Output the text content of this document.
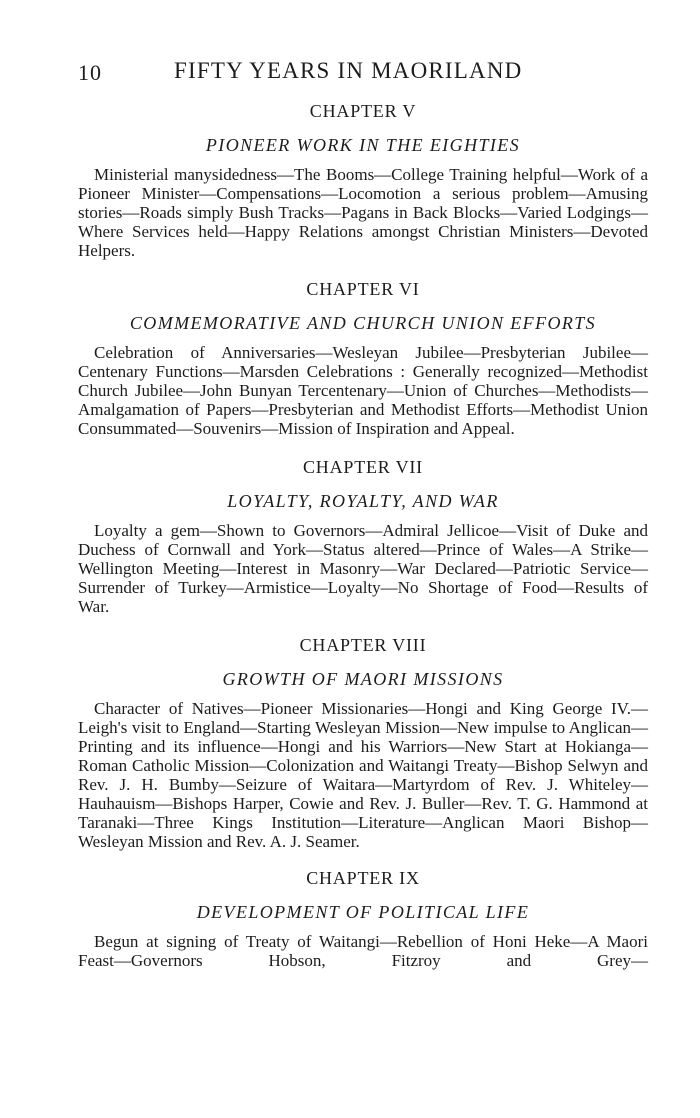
10	FIFTY YEARS IN MAORILAND
CHAPTER V
PIONEER WORK IN THE EIGHTIES

Ministerial manysidedness—The Booms—College Training helpful—Work of a Pioneer Minister—Compensations—Locomotion a serious problem—Amusing stories—Roads simply Bush Tracks—Pagans in Back Blocks—Varied Lodgings—Where Services held—Happy Relations amongst Christian Ministers—Devoted Helpers.

CHAPTER VI
COMMEMORATIVE AND CHURCH UNION EFFORTS

Celebration of Anniversaries—Wesleyan Jubilee—Presbyterian Jubilee—Centenary Functions—Marsden Celebrations : Generally recognized—Methodist Church Jubilee—John Bunyan Tercentenary—Union of Churches—Methodists—Amalgamation of Papers—Presbyterian and Methodist Efforts—Methodist Union Consummated—Souvenirs—Mission of Inspiration and Appeal.

CHAPTER VII
LOYALTY, ROYALTY, AND WAR

Loyalty a gem—Shown to Governors—Admiral Jellicoe—Visit of Duke and Duchess of Cornwall and York—Status altered—Prince of Wales—A Strike—Wellington Meeting—Interest in Masonry—War Declared—Patriotic Service—Surrender of Turkey—Armistice—Loyalty—No Shortage of Food—Results of War.

CHAPTER VIII
GROWTH OF MAORI MISSIONS

Character of Natives—Pioneer Missionaries—Hongi and King George IV.—Leigh's visit to England—Starting Wesleyan Mission—New impulse to Anglican—Printing and its influence—Hongi and his Warriors—New Start at Hokianga—Roman Catholic Mission—Colonization and Waitangi Treaty—Bishop Selwyn and Rev. J. H. Bumby—Seizure of Waitara—Martyrdom of Rev. J. Whiteley—Hauhauism—Bishops Harper, Cowie and Rev. J. Buller—Rev. T. G. Hammond at Taranaki—Three Kings Institution—Literature—Anglican Maori Bishop—Wesleyan Mission and Rev. A. J. Seamer.

CHAPTER IX
DEVELOPMENT OF POLITICAL LIFE

Begun at signing of Treaty of Waitangi—Rebellion of Honi Heke—A Maori Feast—Governors Hobson, Fitzroy and Grey—
